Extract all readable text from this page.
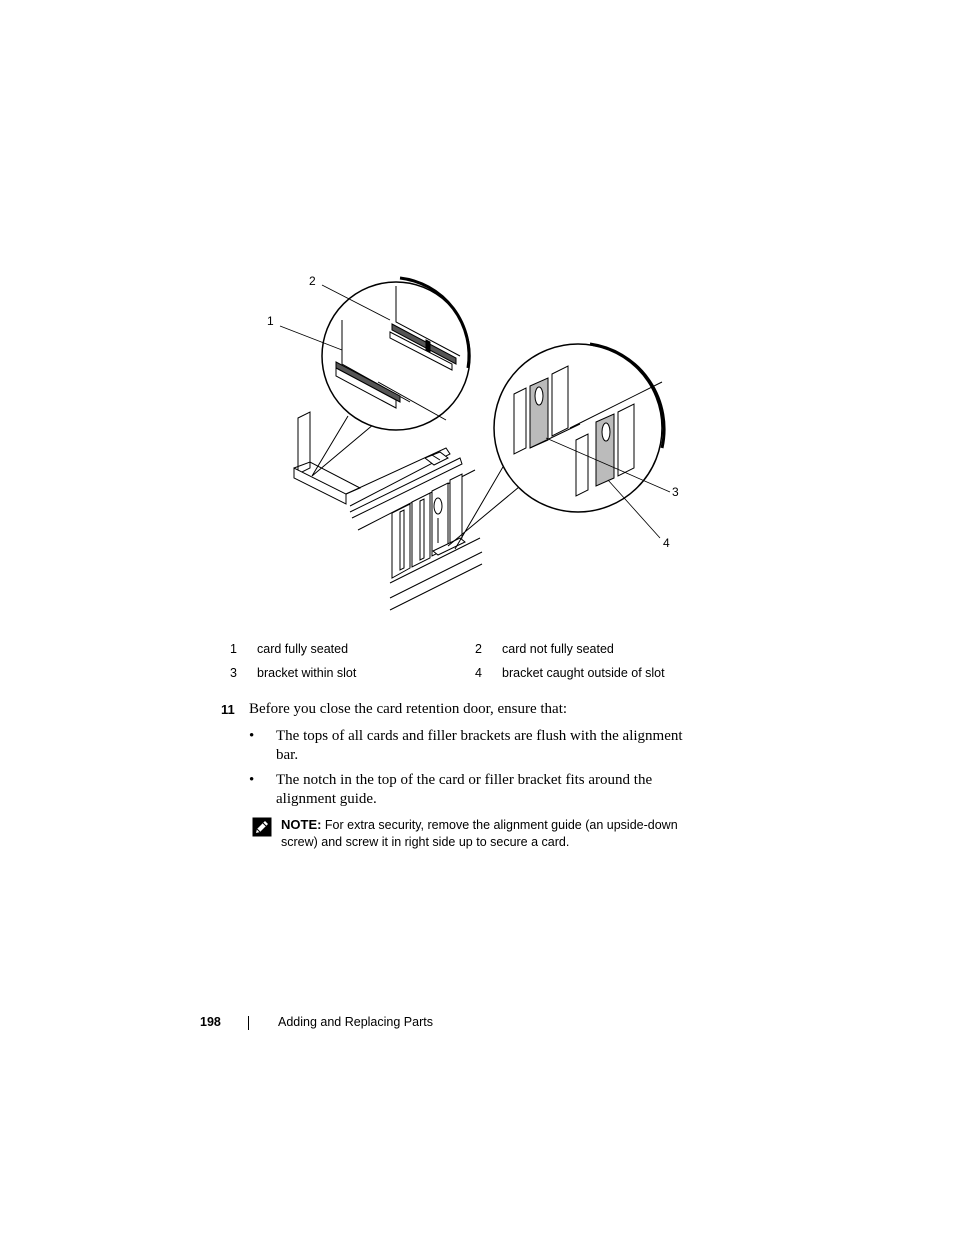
2
1
3
4
1 card fully seated	2 card not fully seated
3 bracket within slot	4 bracket caught outside of slot
11 Before you close the card retention door, ensure that:
• The tops of all cards and filler brackets are flush with the alignment bar.
• The notch in the top of the card or filler bracket fits around the alignment guide.
NOTE: For extra security, remove the alignment guide (an upside-down screw) and screw it in right side up to secure a card.
198	Adding and Replacing Parts
